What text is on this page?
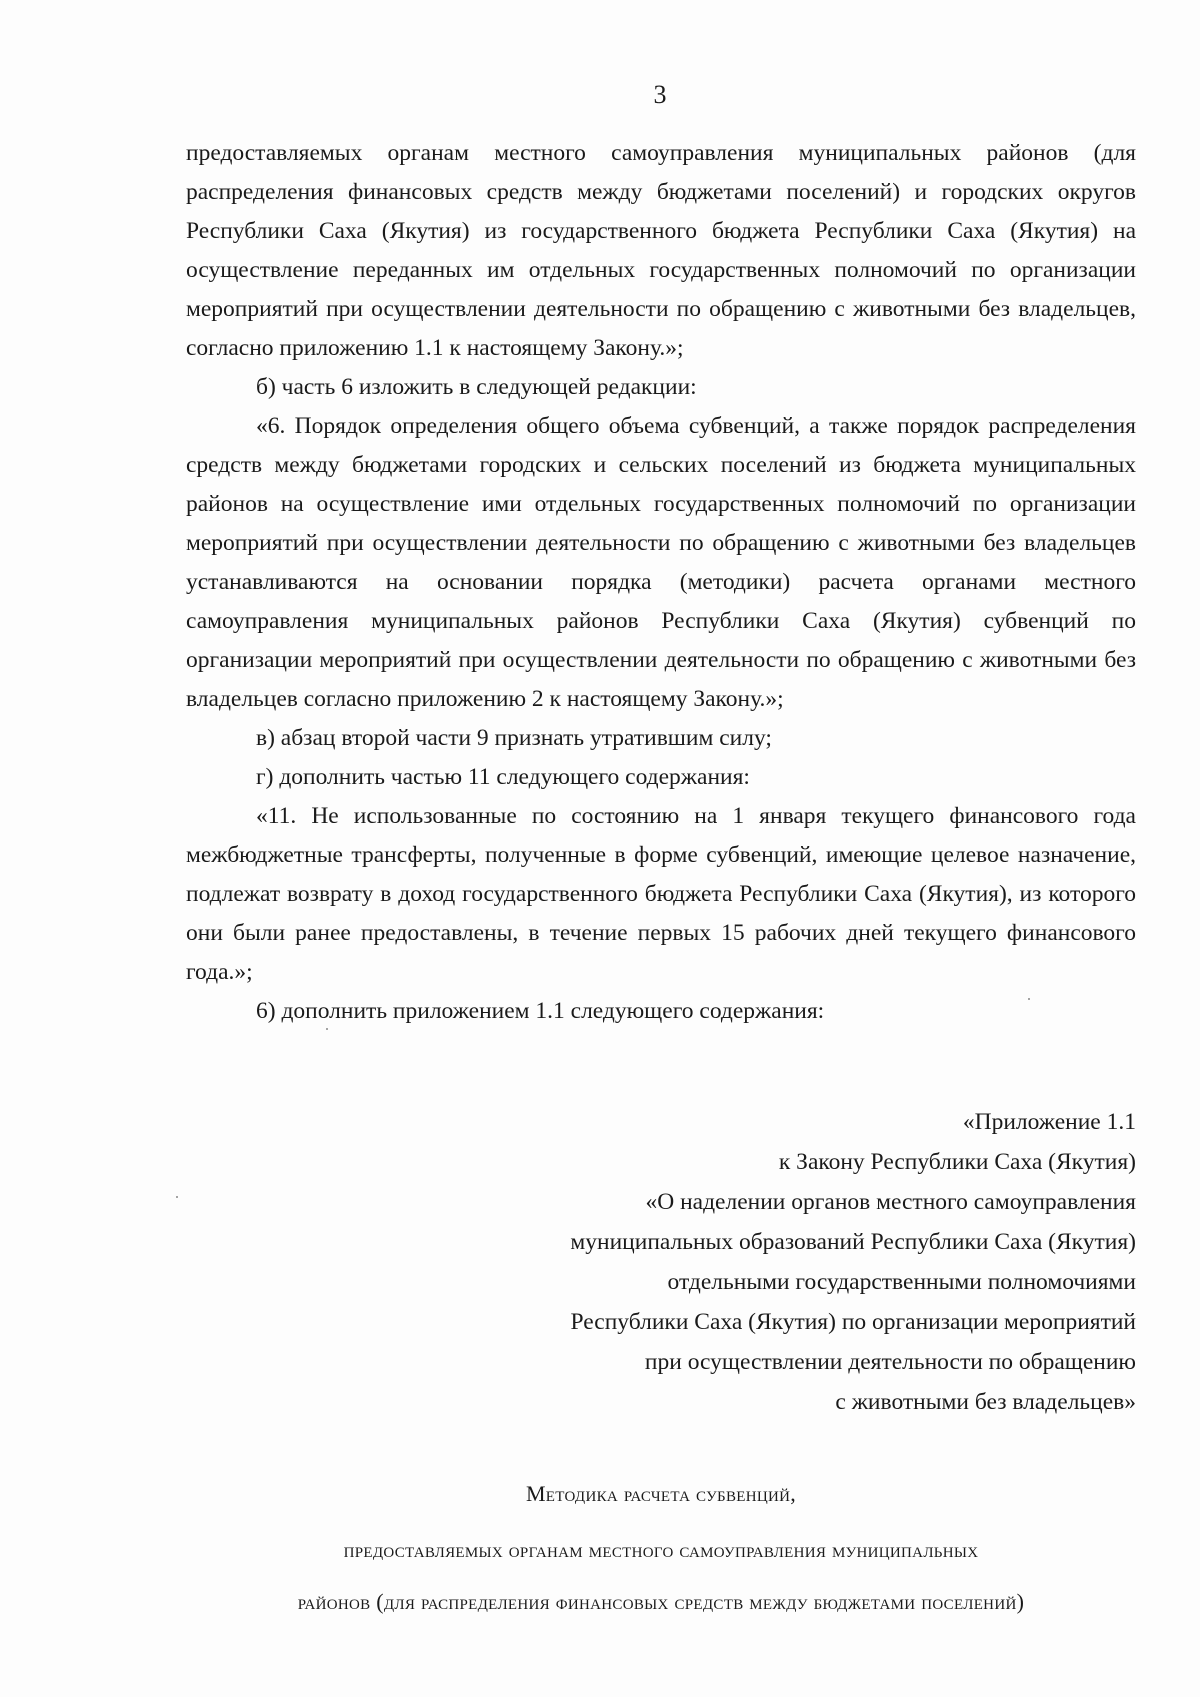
3

предоставляемых органам местного самоуправления муниципальных районов (для распределения финансовых средств между бюджетами поселений) и городских округов Республики Саха (Якутия) из государственного бюджета Республики Саха (Якутия) на осуществление переданных им отдельных государственных полномочий по организации мероприятий при осуществлении деятельности по обращению с животными без владельцев, согласно приложению 1.1 к настоящему Закону.»;

б) часть 6 изложить в следующей редакции:

«6. Порядок определения общего объема субвенций, а также порядок распределения средств между бюджетами городских и сельских поселений из бюджета муниципальных районов на осуществление ими отдельных государственных полномочий по организации мероприятий при осуществлении деятельности по обращению с животными без владельцев устанавливаются на основании порядка (методики) расчета органами местного самоуправления муниципальных районов Республики Саха (Якутия) субвенций по организации мероприятий при осуществлении деятельности по обращению с животными без владельцев согласно приложению 2 к настоящему Закону.»;

в) абзац второй части 9 признать утратившим силу;

г) дополнить частью 11 следующего содержания:

«11. Не использованные по состоянию на 1 января текущего финансового года межбюджетные трансферты, полученные в форме субвенций, имеющие целевое назначение, подлежат возврату в доход государственного бюджета Республики Саха (Якутия), из которого они были ранее предоставлены, в течение первых 15 рабочих дней текущего финансового года.»;

6) дополнить приложением 1.1 следующего содержания:

«Приложение 1.1
к Закону Республики Саха (Якутия)
«О наделении органов местного самоуправления
муниципальных образований Республики Саха (Якутия)
отдельными государственными полномочиями
Республики Саха (Якутия) по организации мероприятий
при осуществлении деятельности по обращению
с животными без владельцев»
Методика расчета субвенций,
предоставляемых органам местного самоуправления муниципальных
районов (для распределения финансовых средств между бюджетами поселений)
